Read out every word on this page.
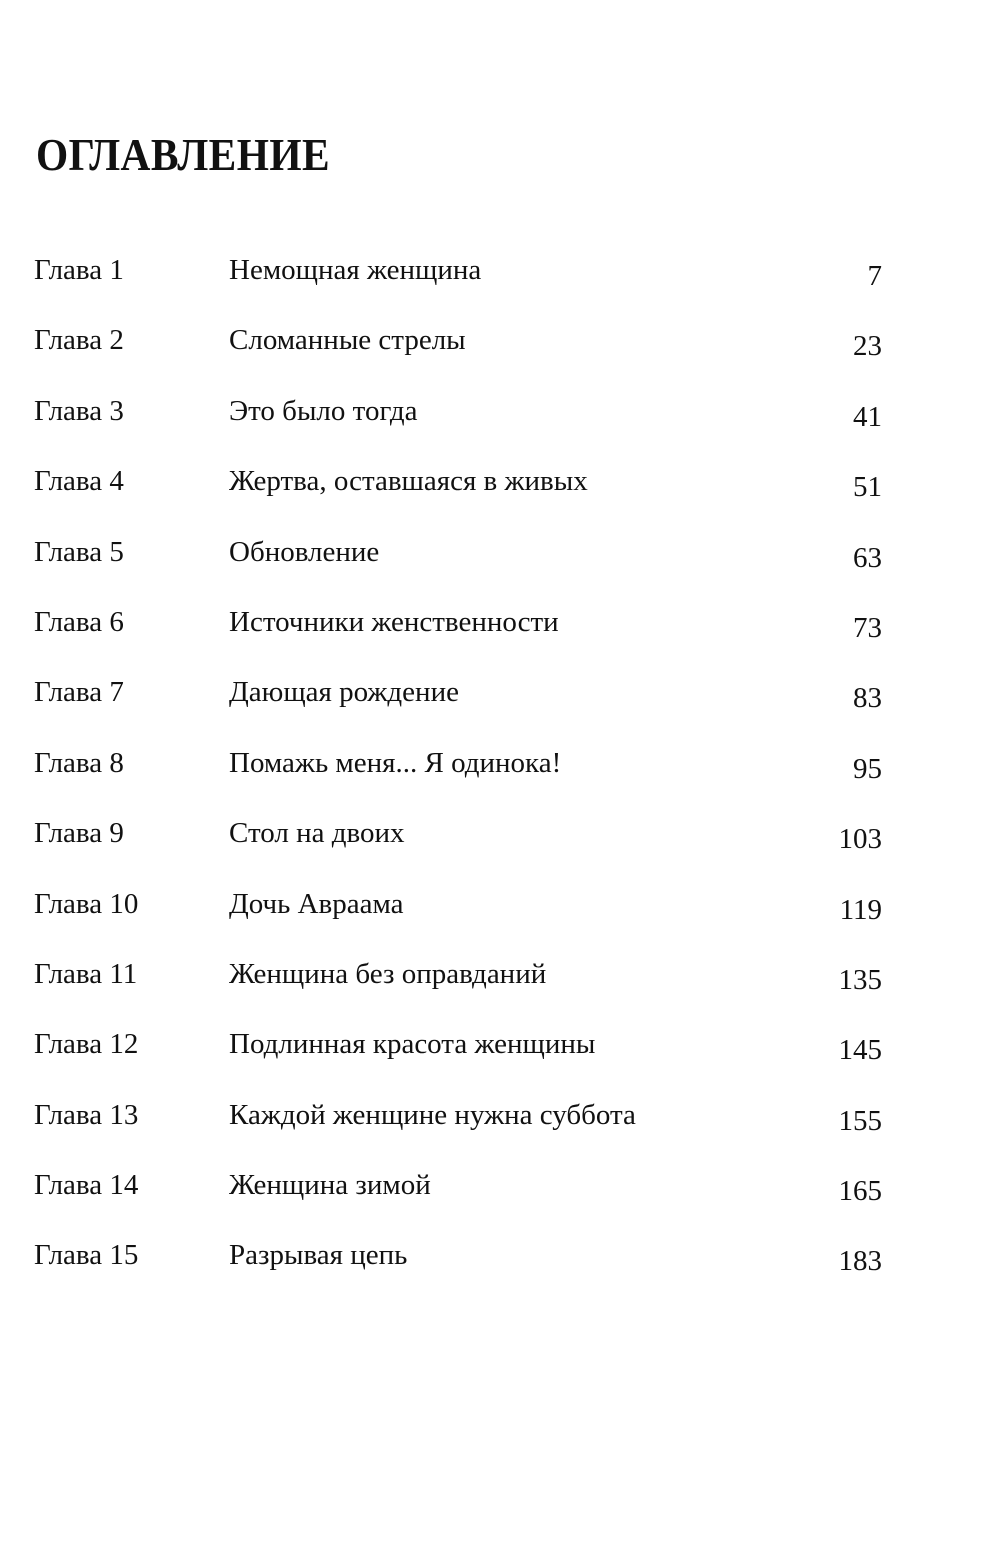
ОГЛАВЛЕНИЕ
Глава 1	Немощная женщина	7
Глава 2	Сломанные стрелы	23
Глава 3	Это было тогда	41
Глава 4	Жертва, оставшаяся в живых	51
Глава 5	Обновление	63
Глава 6	Источники женственности	73
Глава 7	Дающая рождение	83
Глава 8	Помажь меня... Я одинока!	95
Глава 9	Стол на двоих	103
Глава 10	Дочь Авраама	119
Глава 11	Женщина без оправданий	135
Глава 12	Подлинная красота женщины	145
Глава 13	Каждой женщине нужна суббота	155
Глава 14	Женщина зимой	165
Глава 15	Разрывая цепь	183
